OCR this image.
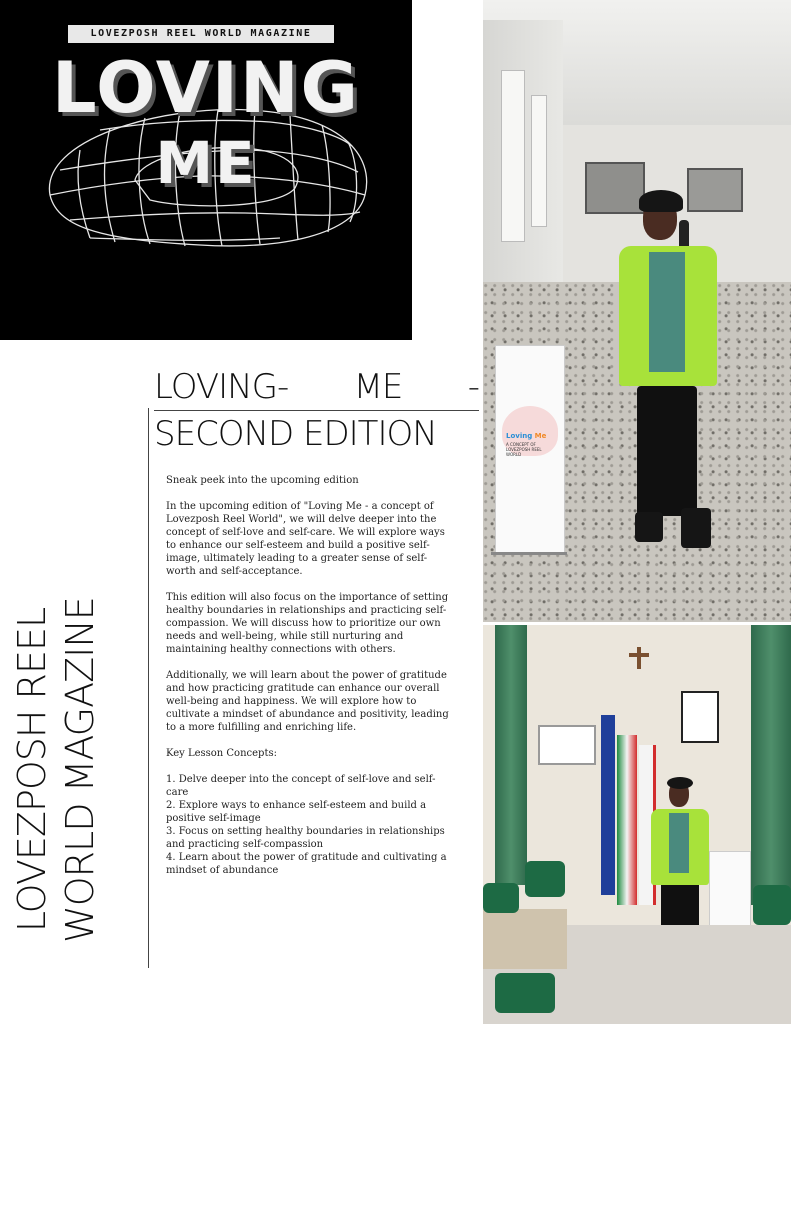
LOVEZPOSH REEL WORLD MAGAZINE
LOVING
ME
LOVEZPOSH REEL WORLD MAGAZINE
LOVING- ME -
SECOND EDITION

Sneak peek into the upcoming edition

In the upcoming edition of "Loving Me - a concept of Lovezposh Reel World", we will delve deeper into the concept of self-love and self-care. We will explore ways to enhance our self-esteem and build a positive self-image, ultimately leading to a greater sense of self-worth and self-acceptance.

This edition will also focus on the importance of setting healthy boundaries in relationships and practicing self-compassion. We will discuss how to prioritize our own needs and well-being, while still nurturing and maintaining healthy connections with others.

Additionally, we will learn about the power of gratitude and how practicing gratitude can enhance our overall well-being and happiness. We will explore how to cultivate a mindset of abundance and positivity, leading to a more fulfilling and enriching life.

Key Lesson Concepts:

1. Delve deeper into the concept of self-love and self-care

2. Explore ways to enhance self-esteem and build a positive self-image

3. Focus on setting healthy boundaries in relationships and practicing self-compassion

4. Learn about the power of gratitude and cultivating a mindset of abundance

Loving Me
A CONCEPT OF LOVEZPOSH REEL WORLD
